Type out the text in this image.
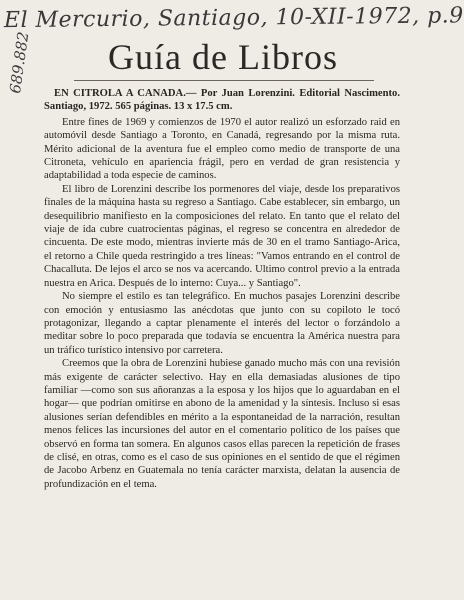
El Mercurio, Santiago, 10-XII-1972, p.9
689.882	Guía de Libros

EN CITROLA A CANADA.— Por Juan Lorenzini. Editorial Nascimento. Santiago, 1972. 565 páginas. 13 x 17.5 cm.

Entre fines de 1969 y comienzos de 1970 el autor realizó un esforzado raid en automóvil desde Santiago a Toronto, en Canadá, regresando por la misma ruta. Mérito adicional de la aventura fue el empleo como medio de transporte de una Citroneta, vehículo en apariencia frágil, pero en verdad de gran resistencia y adaptabilidad a toda especie de caminos.

El libro de Lorenzini describe los pormenores del viaje, desde los preparativos finales de la máquina hasta su regreso a Santiago. Cabe establecer, sin embargo, un desequilibrio manifiesto en la composiciones del relato. En tanto que el relato del viaje de ida cubre cuatrocientas páginas, el regreso se concentra en alrededor de cincuenta. De este modo, mientras invierte más de 30 en el tramo Santiago-Arica, el retorno a Chile queda restringido a tres líneas: "Vamos entrando en el control de Chacalluta. De lejos el arco se nos va acercando. Ultimo control previo a la entrada nuestra en Arica. Después de lo interno: Cuya... y Santiago".

No siempre el estilo es tan telegráfico. En muchos pasajes Lorenzini describe con emoción y entusiasmo las anécdotas que junto con su copiloto le tocó protagonizar, llegando a captar plenamente el interés del lector o forzándolo a meditar sobre lo poco preparada que todavía se encuentra la América nuestra para un tráfico turístico intensivo por carretera.

Creemos que la obra de Lorenzini hubiese ganado mucho más con una revisión más exigente de carácter selectivo. Hay en ella demasiadas alusiones de tipo familiar —como son sus añoranzas a la esposa y los hijos que lo aguardaban en el hogar— que podrían omitirse en abono de la amenidad y la síntesis. Incluso si esas alusiones serían defendibles en mérito a la espontaneidad de la narración, resultan menos felices las incursiones del autor en el comentario político de los países que observó en forma tan somera. En algunos casos ellas parecen la repetición de frases de clisé, en otras, como es el caso de sus opiniones en el sentido de que el régimen de Jacobo Arbenz en Guatemala no tenía carácter marxista, delatan la ausencia de profundización en el tema.
